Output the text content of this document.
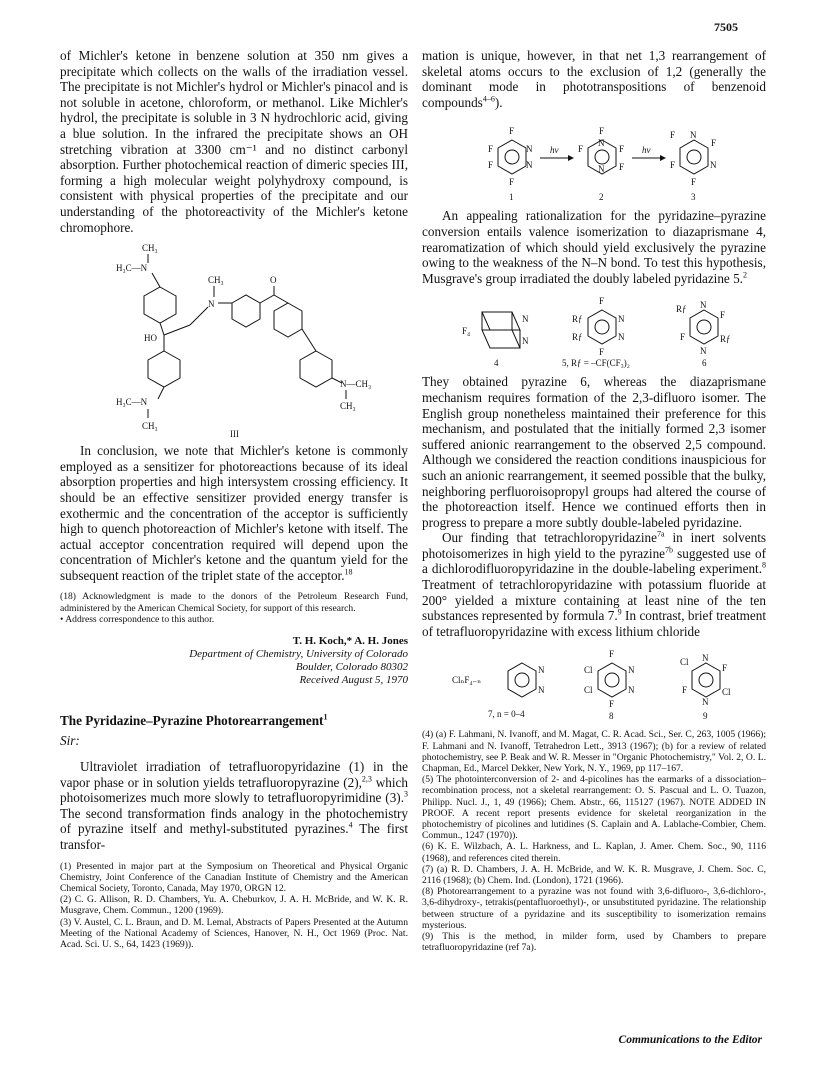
7505

of Michler's ketone in benzene solution at 350 nm gives a precipitate which collects on the walls of the irradiation vessel. The precipitate is not Michler's hydrol or Michler's pinacol and is not soluble in acetone, chloroform, or methanol. Like Michler's hydrol, the precipitate is soluble in 3 N hydrochloric acid, giving a blue solution. In the infrared the precipitate shows an OH stretching vibration at 3300 cm⁻¹ and no distinct carbonyl absorption. Further photochemical reaction of dimeric species III, forming a high molecular weight polyhydroxy compound, is consistent with physical properties of the precipitate and our understanding of the photoreactivity of the Michler's ketone chromophore.

CH₃
H₃C—N
HO
CH₃
N
O
N—CH₃
CH₃
H₃C—N
CH₃
III

In conclusion, we note that Michler's ketone is commonly employed as a sensitizer for photoreactions because of its ideal absorption properties and high intersystem crossing efficiency. It should be an effective sensitizer provided energy transfer is exothermic and the concentration of the acceptor is sufficiently high to quench photoreaction of Michler's ketone with itself. The actual acceptor concentration required will depend upon the concentration of Michler's ketone and the quantum yield for the subsequent reaction of the triplet state of the acceptor.$^{18}$

(18) Acknowledgment is made to the donors of the Petroleum Research Fund, administered by the American Chemical Society, for support of this research.

• Address correspondence to this author.

T. H. Koch,* A. H. Jones

Department of Chemistry, University of Colorado

Boulder, Colorado 80302

Received August 5, 1970

The Pyridazine–Pyrazine Photorearrangement$^1$
Sir:

Ultraviolet irradiation of tetrafluoropyridazine (1) in the vapor phase or in solution yields tetrafluoropyrazine (2),$^{2,3}$ which photoisomerizes much more slowly to tetrafluoropyrimidine (3).$^3$ The second transformation finds analogy in the photochemistry of pyrazine itself and methyl-substituted pyrazines.$^4$ The first transfor-

(1) Presented in major part at the Symposium on Theoretical and Physical Organic Chemistry, Joint Conference of the Canadian Institute of Chemistry and the American Chemical Society, Toronto, Canada, May 1970, ORGN 12.

(2) C. G. Allison, R. D. Chambers, Yu. A. Cheburkov, J. A. H. McBride, and W. K. R. Musgrave, Chem. Commun., 1200 (1969).

(3) V. Austel, C. L. Braun, and D. M. Lemal, Abstracts of Papers Presented at the Autumn Meeting of the National Academy of Sciences, Hanover, N. H., Oct 1969 (Proc. Nat. Acad. Sci. U. S., 64, 1423 (1969)).

mation is unique, however, in that net 1,3 rearrangement of skeletal atoms occurs to the exclusion of 1,2 (generally the dominant mode in phototranspositions of benzenoid compounds$^{4-6}$).

F
F
F
F
N
N
1
hν
F
F	F
F
N
N
2
hν
F
F
F
F
N
N
3

An appealing rationalization for the pyridazine–pyrazine conversion entails valence isomerization to diazaprismane 4, rearomatization of which should yield exclusively the pyrazine owing to the weakness of the N–N bond. To test this hypothesis, Musgrave's group irradiated the doubly labeled pyridazine 5.$^2$

F₄
N
N
4
F
Rƒ
Rƒ
N
N
F
5, Rƒ = –CF(CF₃)₂
Rƒ
F
F	Rƒ
N
N
6

They obtained pyrazine 6, whereas the diazaprismane mechanism requires formation of the 2,3-difluoro isomer. The English group nonetheless maintained their preference for this mechanism, and postulated that the initially formed 2,3 isomer suffered anionic rearrangement to the observed 2,5 compound. Although we considered the reaction conditions inauspicious for such an anionic rearrangement, it seemed possible that the bulky, neighboring perfluoroisopropyl groups had altered the course of the photoreaction itself. Hence we continued efforts then in progress to prepare a more subtly double-labeled pyridazine.

Our finding that tetrachloropyridazine$^{7a}$ in inert solvents photoisomerizes in high yield to the pyrazine$^{7b}$ suggested use of a dichlorodifluoropyridazine in the double-labeling experiment.$^8$ Treatment of tetrachloropyridazine with potassium fluoride at 200° yielded a mixture containing at least nine of the ten substances represented by formula 7.$^9$ In contrast, brief treatment of tetrafluoropyridazine with excess lithium chloride

ClₙF₄₋ₙ
N
N
7, n = 0–4
F
Cl
Cl
N
N
F
8
Cl
F
F	Cl
N
N
9

(4) (a) F. Lahmani, N. Ivanoff, and M. Magat, C. R. Acad. Sci., Ser. C, 263, 1005 (1966); F. Lahmani and N. Ivanoff, Tetrahedron Lett., 3913 (1967); (b) for a review of related photochemistry, see P. Beak and W. R. Messer in "Organic Photochemistry," Vol. 2, O. L. Chapman, Ed., Marcel Dekker, New York, N. Y., 1969, pp 117–167.

(5) The photointerconversion of 2- and 4-picolines has the earmarks of a dissociation–recombination process, not a skeletal rearrangement: O. S. Pascual and L. O. Tuazon, Philipp. Nucl. J., 1, 49 (1966); Chem. Abstr., 66, 115127 (1967). NOTE ADDED IN PROOF. A recent report presents evidence for skeletal reorganization in the photochemistry of picolines and lutidines (S. Caplain and A. Lablache-Combier, Chem. Commun., 1247 (1970)).

(6) K. E. Wilzbach, A. L. Harkness, and L. Kaplan, J. Amer. Chem. Soc., 90, 1116 (1968), and references cited therein.

(7) (a) R. D. Chambers, J. A. H. McBride, and W. K. R. Musgrave, J. Chem. Soc. C, 2116 (1968); (b) Chem. Ind. (London), 1721 (1966).

(8) Photorearrangement to a pyrazine was not found with 3,6-difluoro-, 3,6-dichloro-, 3,6-dihydroxy-, tetrakis(pentafluoroethyl)-, or unsubstituted pyridazine. The relationship between structure of a pyridazine and its susceptibility to isomerization remains mysterious.

(9) This is the method, in milder form, used by Chambers to prepare tetrafluoropyridazine (ref 7a).

Communications to the Editor
